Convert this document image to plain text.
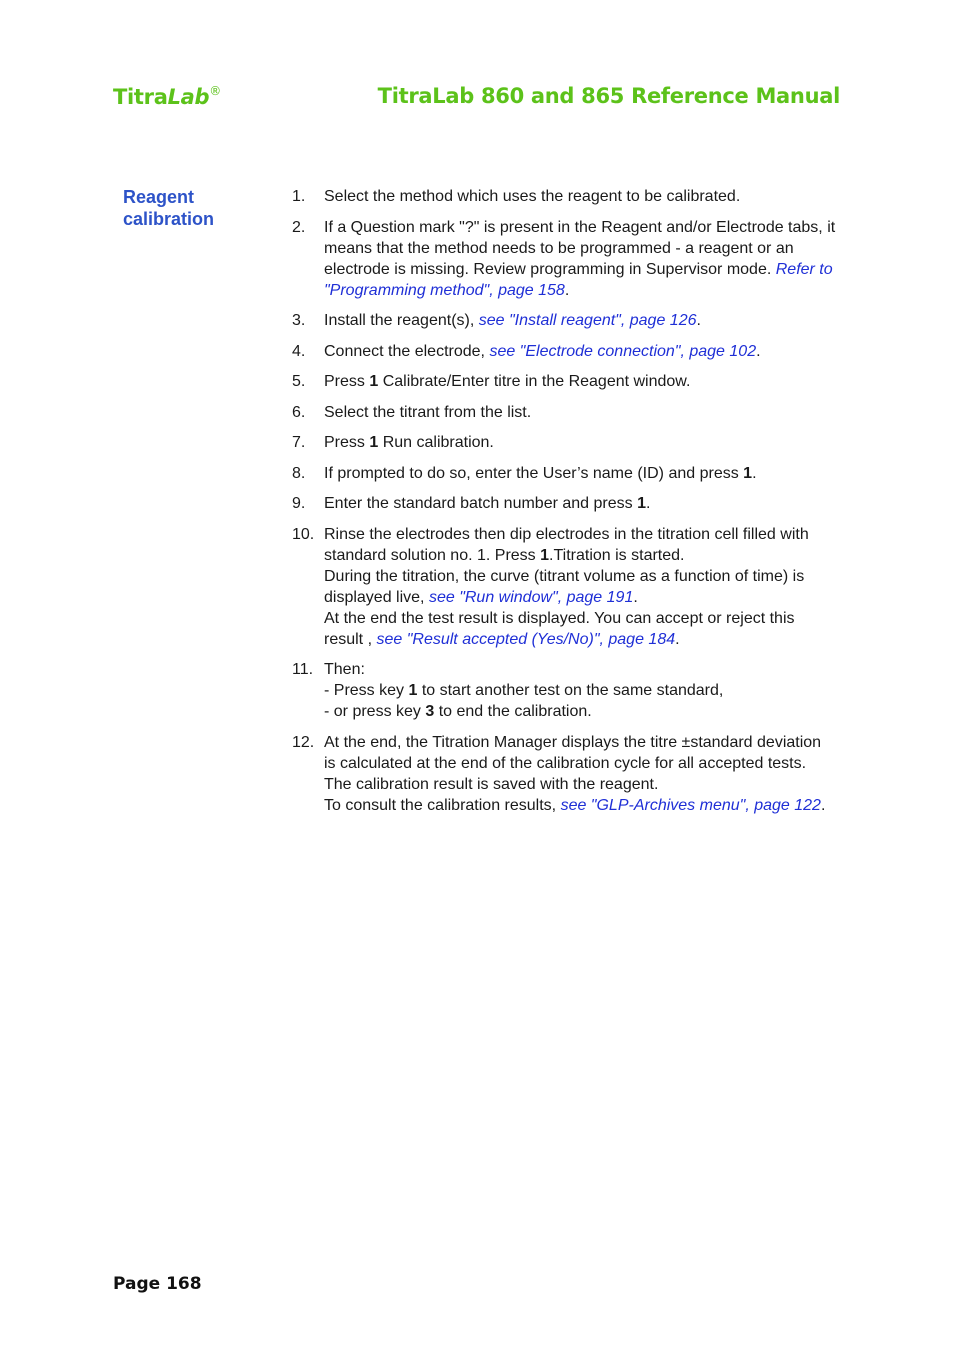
TitraLab®	TitraLab 860 and 865 Reference Manual
Reagent
calibration
1.	Select the method which uses the reagent to be calibrated.
2.	If a Question mark "?" is present in the Reagent and/or Electrode tabs, it means that the method needs to be programmed - a reagent or an electrode is missing. Review programming in Supervisor mode. Refer to "Programming method", page 158.
3.	Install the reagent(s), see "Install reagent", page 126.
4.	Connect the electrode, see "Electrode connection", page 102.
5.	Press 1 Calibrate/Enter titre in the Reagent window.
6.	Select the titrant from the list.
7.	Press 1 Run calibration.
8.	If prompted to do so, enter the User’s name (ID) and press 1.
9.	Enter the standard batch number and press 1.
10. Rinse the electrodes then dip electrodes in the titration cell filled with standard solution no. 1. Press 1.Titration is started.
During the titration, the curve (titrant volume as a function of time) is displayed live, see "Run window", page 191.
At the end the test result is displayed. You can accept or reject this result , see "Result accepted (Yes/No)", page 184.
11. Then:
- Press key 1 to start another test on the same standard,
- or press key 3 to end the calibration.
12. At the end, the Titration Manager displays the titre ±standard deviation is calculated at the end of the calibration cycle for all accepted tests. The calibration result is saved with the reagent.
To consult the calibration results, see "GLP-Archives menu", page 122.
Page 168
